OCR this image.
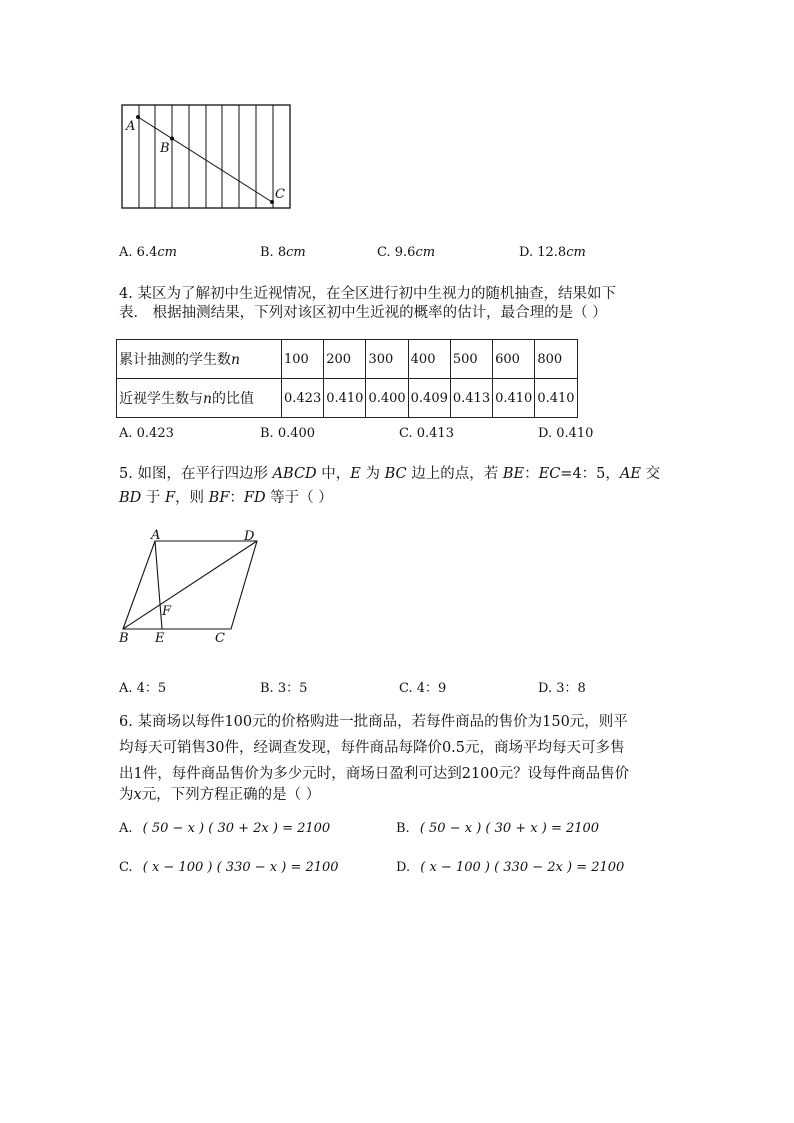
A
B
C
A. 6.4cm	B. 8cm	C. 9.6cm	D. 12.8cm
4. 某区为了解初中生近视情况，在全区进行初中生视力的随机抽查，结果如下
表． 根据抽测结果，下列对该区初中生近视的概率的估计，最合理的是（ ）
累计抽测的学生数n	100	200	300	400	500	600	800
近视学生数与n的比值	0.423	0.410	0.400	0.409	0.413	0.410	0.410
A. 0.423	B. 0.400	C. 0.413	D. 0.410
5. 如图，在平行四边形 ABCD 中，E 为 BC 边上的点，若 BE：EC=4：5，AE 交
BD 于 F，则 BF：FD 等于（ ）
A	D
F
B E	C
A. 4：5	B. 3：5	C. 4：9	D. 3：8
6. 某商场以每件100元的价格购进一批商品，若每件商品的售价为150元，则平
均每天可销售30件，经调查发现，每件商品每降价0.5元，商场平均每天可多售
出1件，每件商品售价为多少元时，商场日盈利可达到2100元？设每件商品售价
为x元，下列方程正确的是（ ）
A. ( 50 − x ) ( 30 + 2x ) = 2100	B. ( 50 − x ) ( 30 + x ) = 2100
C. ( x − 100 ) ( 330 − x ) = 2100	D. ( x − 100 ) ( 330 − 2x ) = 2100
